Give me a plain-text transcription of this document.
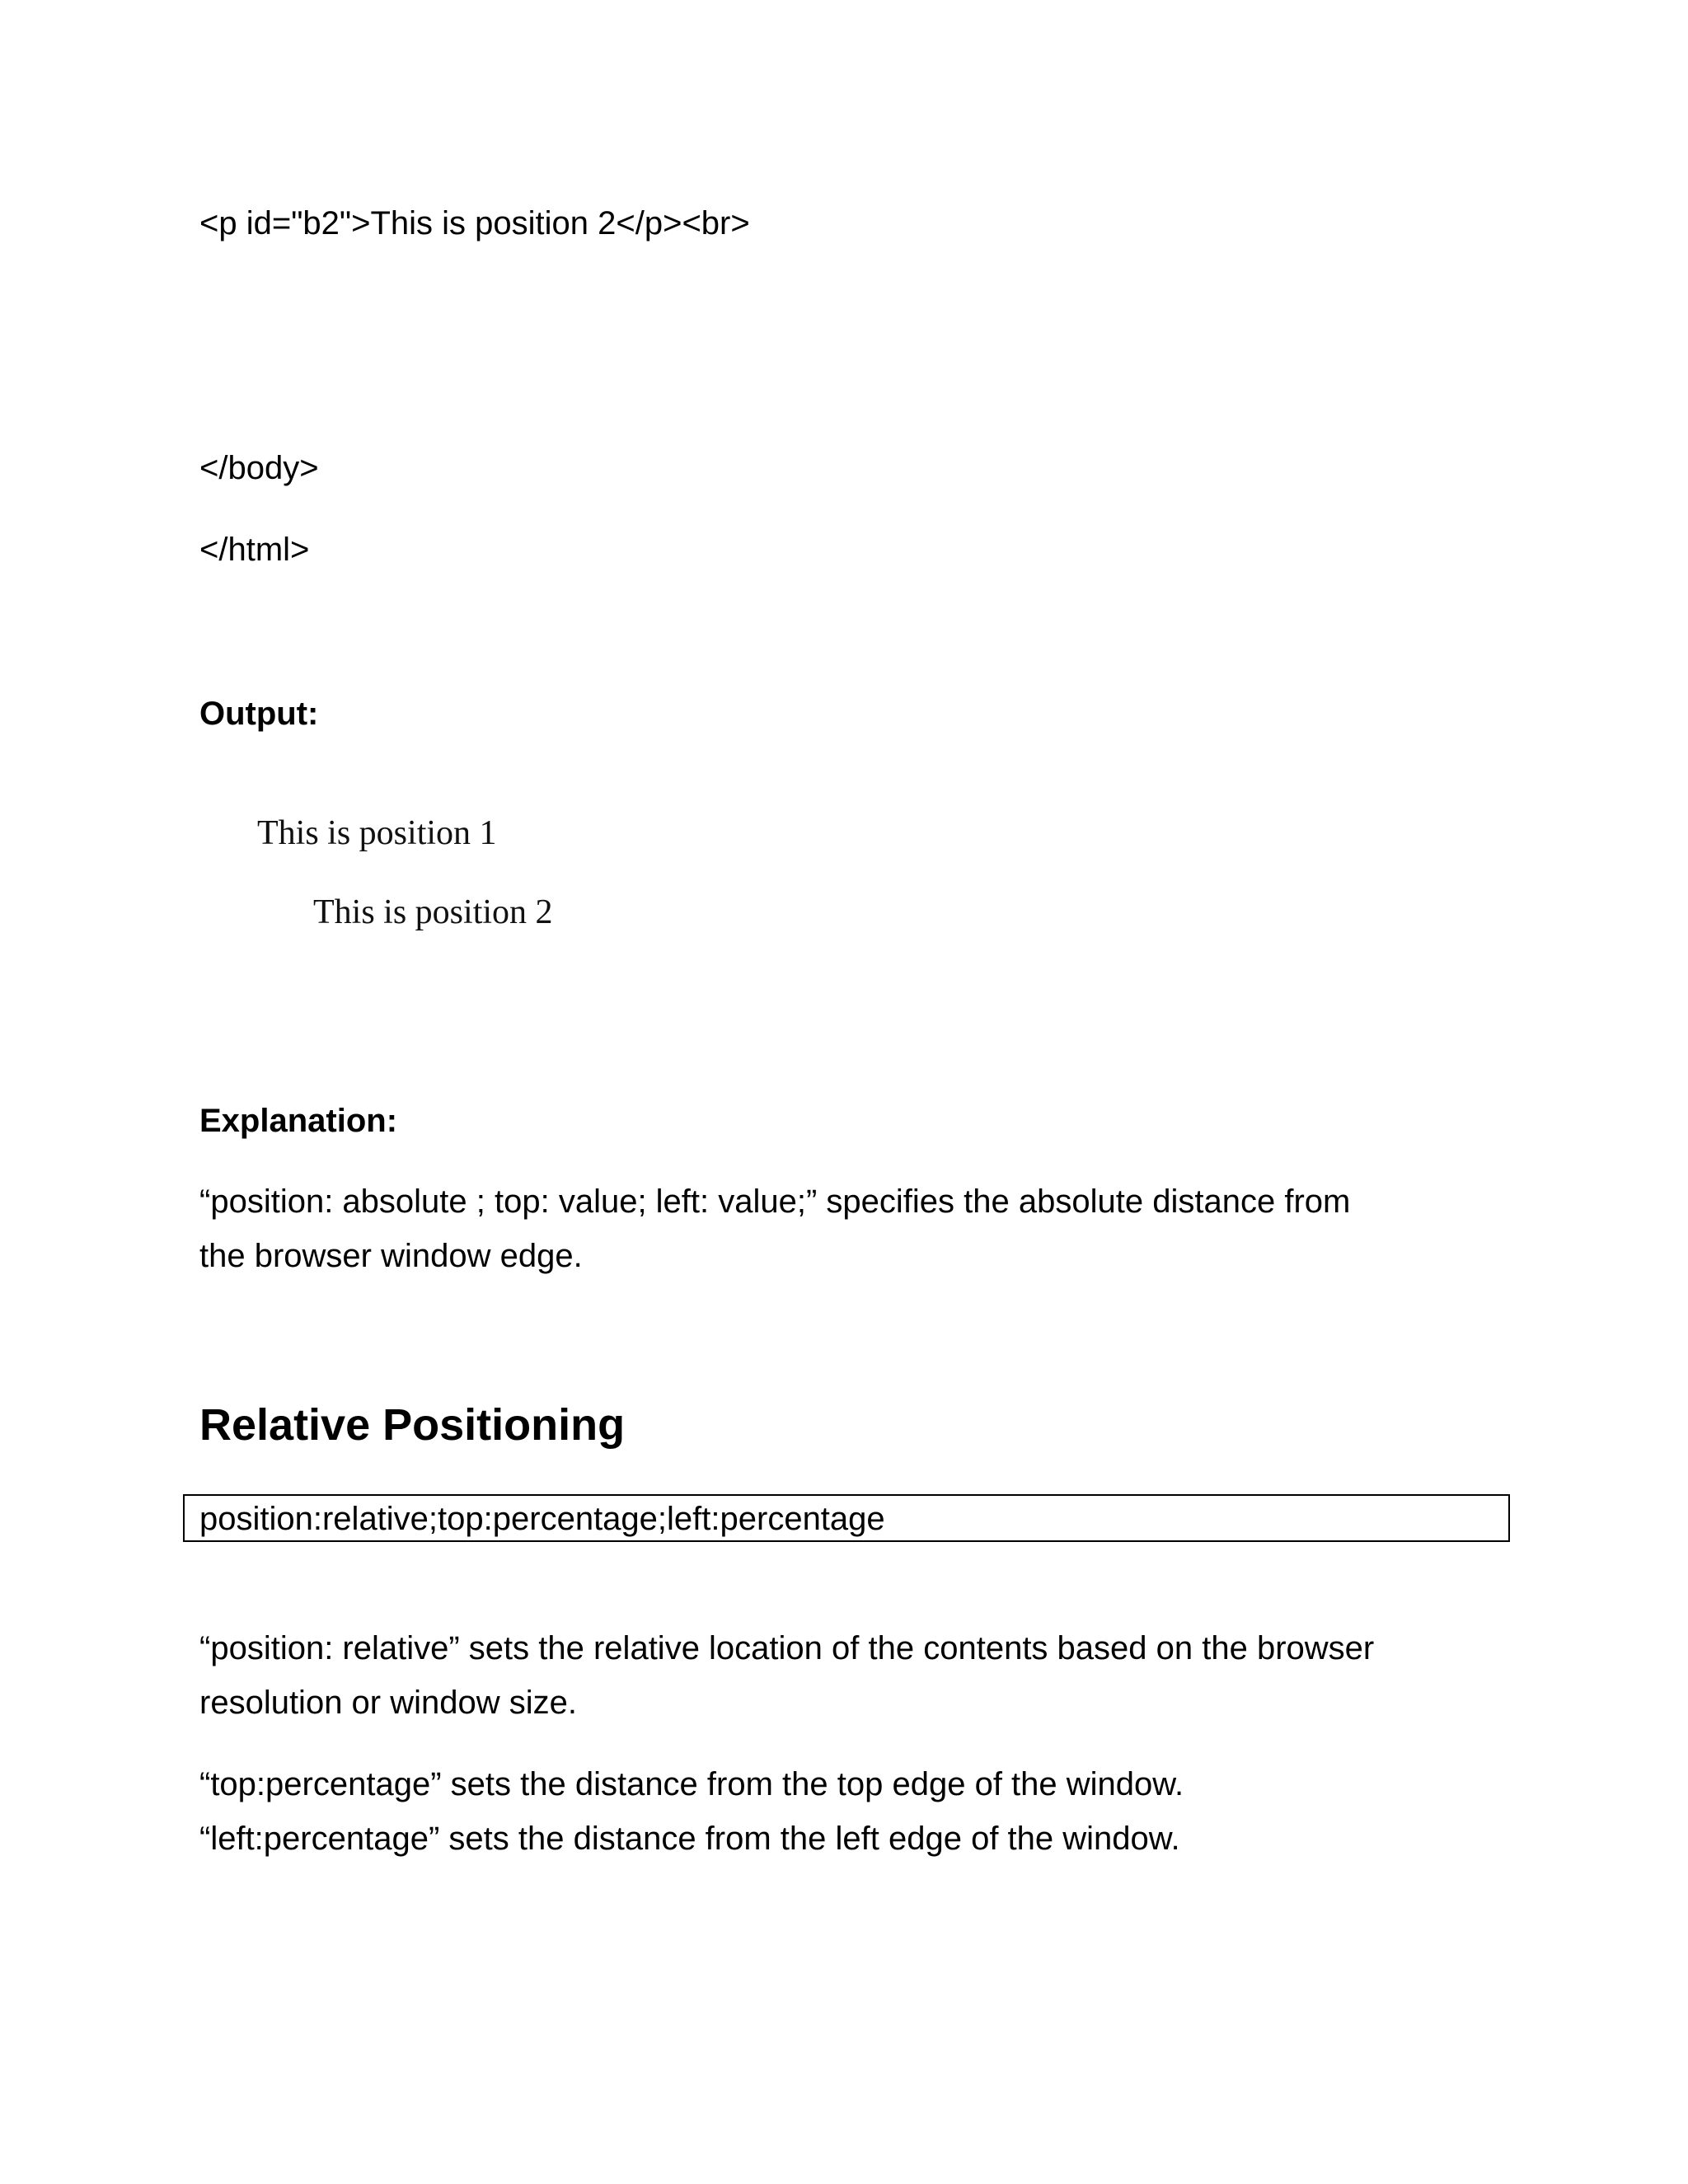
<p id="b2">This is position 2</p><br>
</body>
</html>
Output:
This is position 1
This is position 2
Explanation:
“position: absolute ; top: value; left: value;” specifies the absolute distance from
the browser window edge.
Relative Positioning
position:relative;top:percentage;left:percentage
“position: relative” sets the relative location of the contents based on the browser
resolution or window size.
“top:percentage” sets the distance from the top edge of the window.
“left:percentage” sets the distance from the left edge of the window.
